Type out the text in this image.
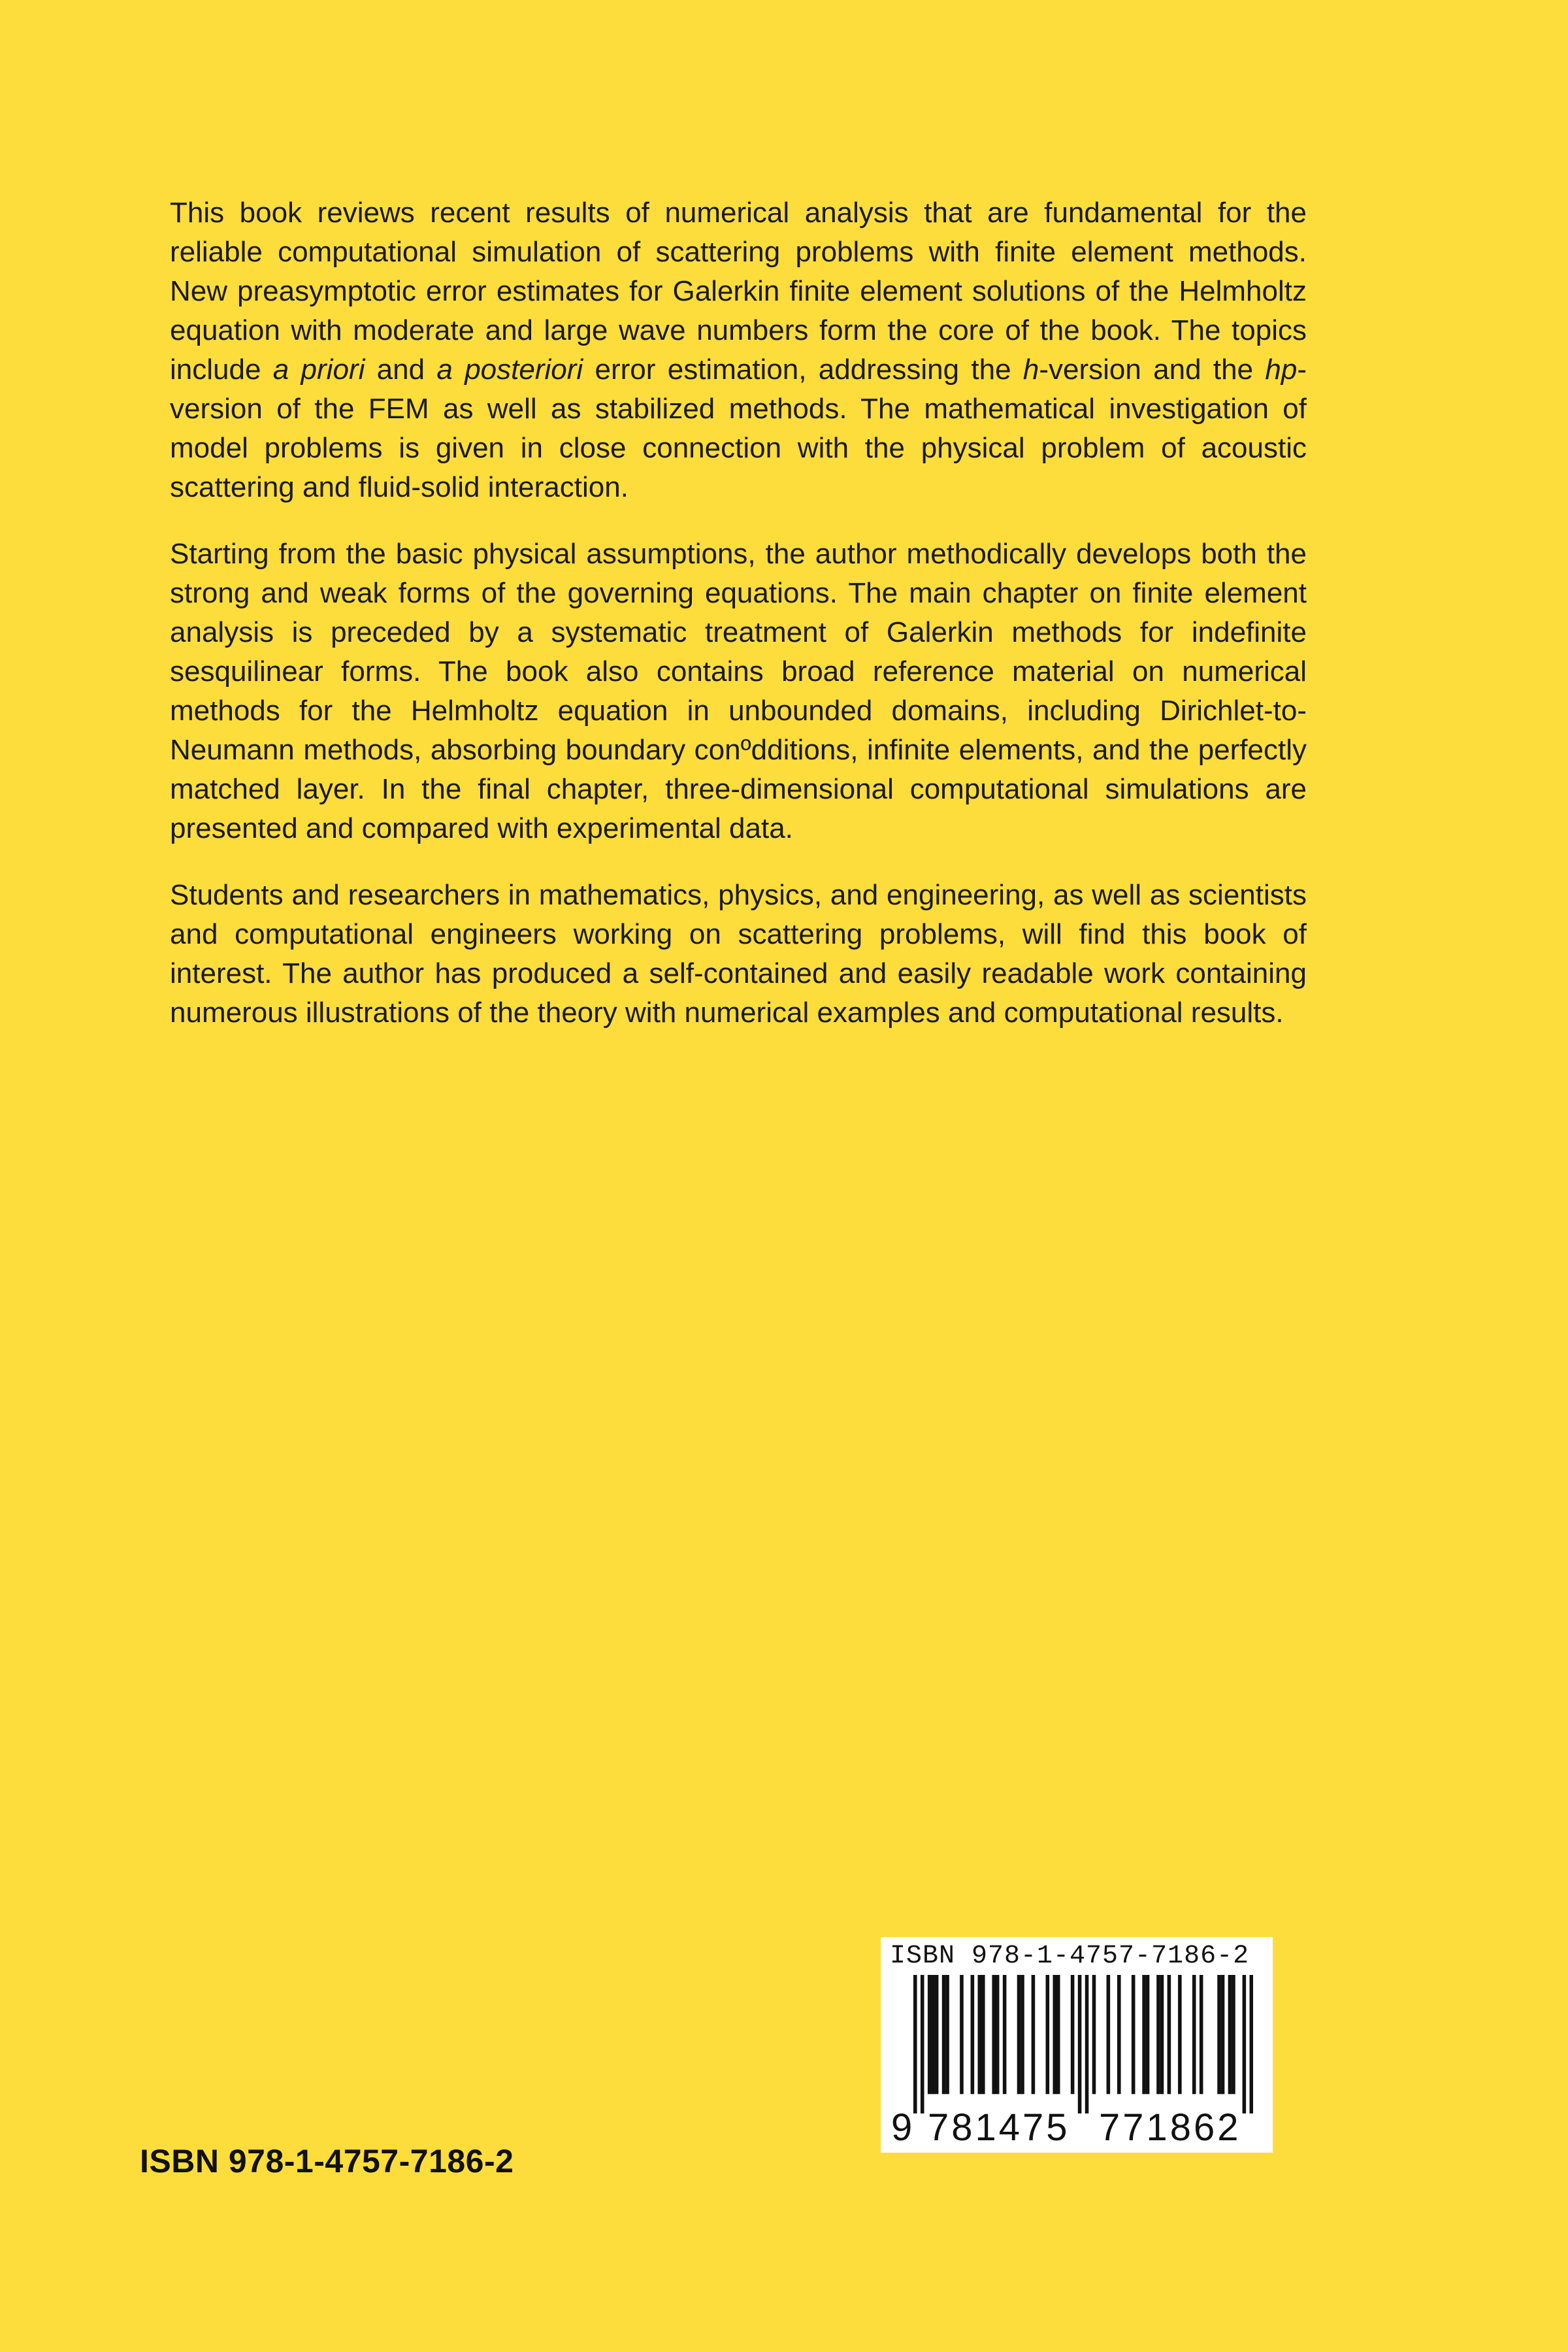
This book reviews recent results of numerical analysis that are fundamental for the reliable computational simulation of scattering problems with finite element methods. New preasymptotic error estimates for Galerkin finite element solutions of the Helmholtz equation with moderate and large wave numbers form the core of the book. The topics include a priori and a posteriori error estimation, addressing the h-version and the hp-version of the FEM as well as stabilized methods. The mathematical investigation of model problems is given in close connection with the physical problem of acoustic scattering and fluid-solid interaction.

Starting from the basic physical assumptions, the author methodically develops both the strong and weak forms of the governing equations. The main chapter on finite element analysis is preceded by a systematic treatment of Galerkin methods for indefinite sesquilinear forms. The book also contains broad reference material on numerical methods for the Helmholtz equation in unbounded domains, including Dirichlet-to-Neumann methods, absorbing boundary conºdditions, infinite elements, and the perfectly matched layer. In the final chapter, three-dimensional computational simulations are presented and compared with experimental data.

Students and researchers in mathematics, physics, and engineering, as well as scientists and computational engineers working on scattering problems, will find this book of interest. The author has produced a self-contained and easily readable work containing numerous illustrations of the theory with numerical examples and computational results.

ISBN 978-1-4757-7186-2
9 781475 771862
ISBN 978-1-4757-7186-2
